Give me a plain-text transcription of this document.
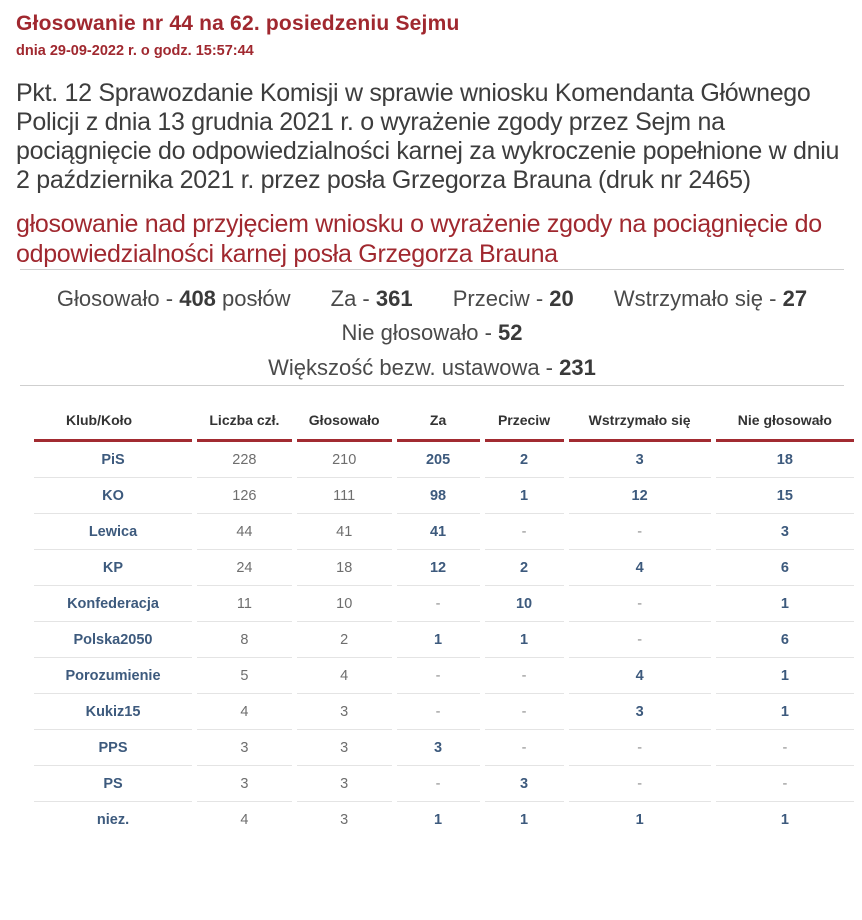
Głosowanie nr 44 na 62. posiedzeniu Sejmu
dnia 29-09-2022 r. o godz. 15:57:44

Pkt. 12 Sprawozdanie Komisji w sprawie wniosku Komendanta Głównego Policji z dnia 13 grudnia 2021 r. o wyrażenie zgody przez Sejm na pociągnięcie do odpowiedzialności karnej za wykroczenie popełnione w dniu 2 października 2021 r. przez posła Grzegorza Brauna (druk nr 2465)

głosowanie nad przyjęciem wniosku o wyrażenie zgody na pociągnięcie do odpowiedzialności karnej posła Grzegorza Brauna

Głosowało - 408 posłów Za - 361 Przeciw - 20 Wstrzymało się - 27 Nie głosowało - 52
Większość bezw. ustawowa - 231
Klub/Koło	Liczba czł.	Głosowało	Za	Przeciw	Wstrzymało się	Nie głosowało
PiS	228	210	205	2	3	18
KO	126	111	98	1	12	15
Lewica	44	41	41	-	-	3
KP	24	18	12	2	4	6
Konfederacja	11	10	-	10	-	1
Polska2050	8	2	1	1	-	6
Porozumienie	5	4	-	-	4	1
Kukiz15	4	3	-	-	3	1
PPS	3	3	3	-	-	-
PS	3	3	-	3	-	-
niez.	4	3	1	1	1	1
